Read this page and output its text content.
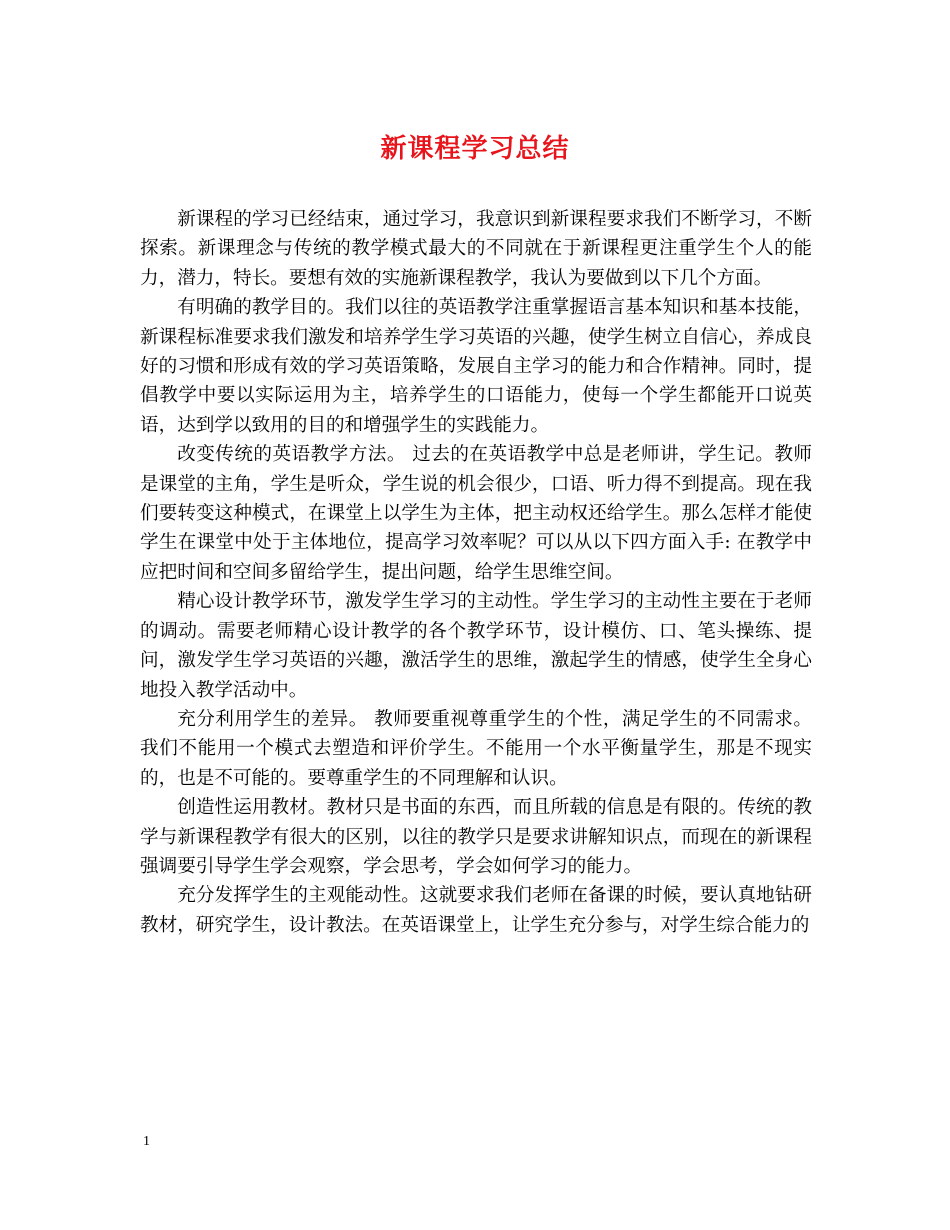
新课程学习总结

新课程的学习已经结束，通过学习，我意识到新课程要求我们不断学习，不断探索。新课理念与传统的教学模式最大的不同就在于新课程更注重学生个人的能力，潜力，特长。要想有效的实施新课程教学，我认为要做到以下几个方面。

有明确的教学目的。我们以往的英语教学注重掌握语言基本知识和基本技能，新课程标准要求我们激发和培养学生学习英语的兴趣，使学生树立自信心，养成良好的习惯和形成有效的学习英语策略，发展自主学习的能力和合作精神。同时，提倡教学中要以实际运用为主，培养学生的口语能力，使每一个学生都能开口说英语，达到学以致用的目的和增强学生的实践能力。

改变传统的英语教学方法。 过去的在英语教学中总是老师讲，学生记。教师是课堂的主角，学生是听众，学生说的机会很少，口语、听力得不到提高。现在我们要转变这种模式，在课堂上以学生为主体，把主动权还给学生。那么怎样才能使学生在课堂中处于主体地位，提高学习效率呢？可以从以下四方面入手: 在教学中应把时间和空间多留给学生，提出问题，给学生思维空间。

精心设计教学环节，激发学生学习的主动性。学生学习的主动性主要在于老师的调动。需要老师精心设计教学的各个教学环节，设计模仿、口、笔头操练、提问，激发学生学习英语的兴趣，激活学生的思维，激起学生的情感，使学生全身心地投入教学活动中。

充分利用学生的差异。 教师要重视尊重学生的个性，满足学生的不同需求。我们不能用一个模式去塑造和评价学生。不能用一个水平衡量学生，那是不现实的，也是不可能的。要尊重学生的不同理解和认识。

创造性运用教材。教材只是书面的东西，而且所载的信息是有限的。传统的教学与新课程教学有很大的区别，以往的教学只是要求讲解知识点，而现在的新课程强调要引导学生学会观察，学会思考，学会如何学习的能力。

充分发挥学生的主观能动性。这就要求我们老师在备课的时候，要认真地钻研教材，研究学生，设计教法。在英语课堂上，让学生充分参与，对学生综合能力的

1
